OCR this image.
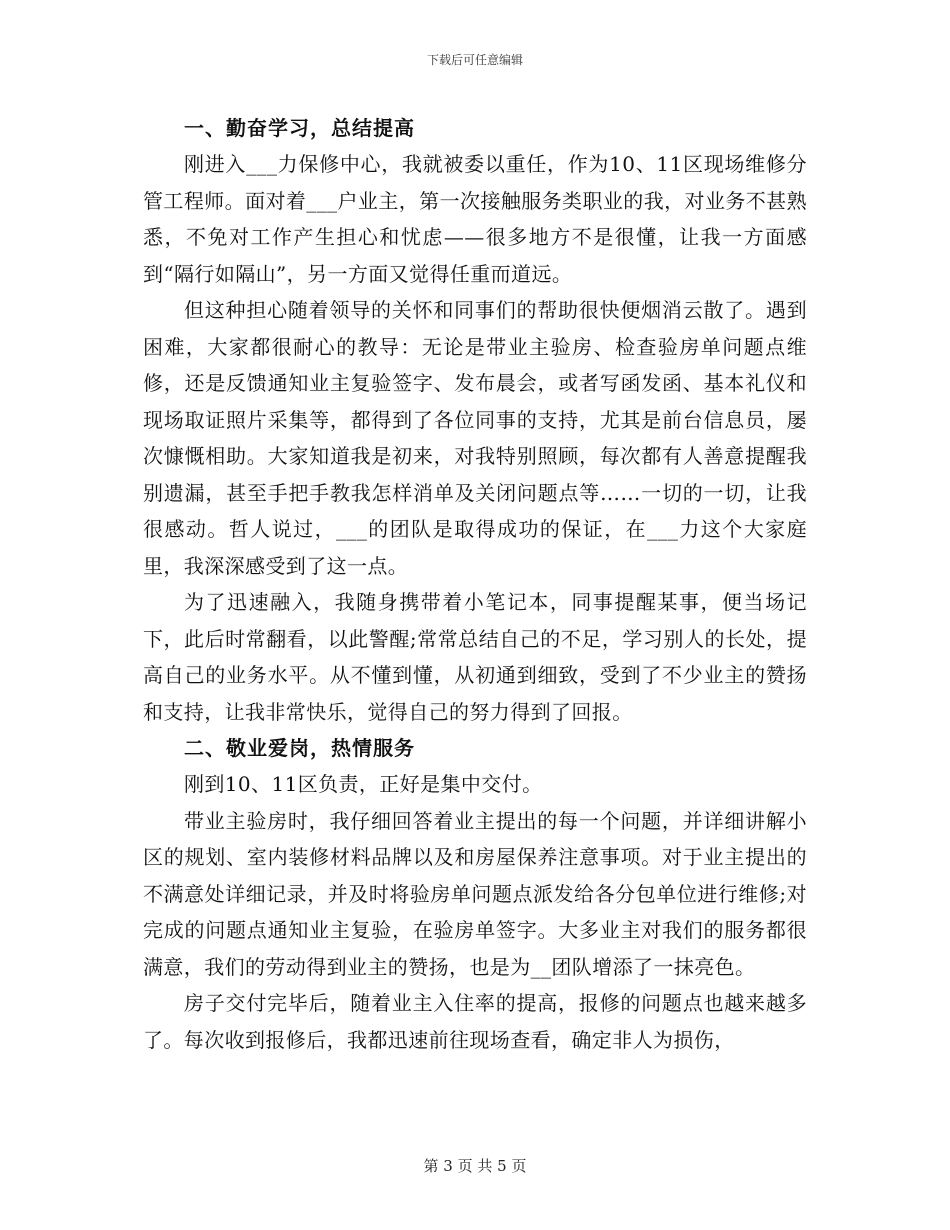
下载后可任意编辑

一、勤奋学习，总结提高

刚进入___力保修中心，我就被委以重任，作为10、11区现场维修分管工程师。面对着___户业主，第一次接触服务类职业的我，对业务不甚熟悉，不免对工作产生担心和忧虑——很多地方不是很懂，让我一方面感到“隔行如隔山”，另一方面又觉得任重而道远。

但这种担心随着领导的关怀和同事们的帮助很快便烟消云散了。遇到困难，大家都很耐心的教导：无论是带业主验房、检查验房单问题点维修，还是反馈通知业主复验签字、发布晨会，或者写函发函、基本礼仪和现场取证照片采集等，都得到了各位同事的支持，尤其是前台信息员，屡次慷慨相助。大家知道我是初来，对我特别照顾，每次都有人善意提醒我别遗漏，甚至手把手教我怎样消单及关闭问题点等……一切的一切，让我很感动。哲人说过，___的团队是取得成功的保证，在___力这个大家庭里，我深深感受到了这一点。

为了迅速融入，我随身携带着小笔记本，同事提醒某事，便当场记下，此后时常翻看，以此警醒;常常总结自己的不足，学习别人的长处，提高自己的业务水平。从不懂到懂，从初通到细致，受到了不少业主的赞扬和支持，让我非常快乐，觉得自己的努力得到了回报。

二、敬业爱岗，热情服务

刚到10、11区负责，正好是集中交付。

带业主验房时，我仔细回答着业主提出的每一个问题，并详细讲解小区的规划、室内装修材料品牌以及和房屋保养注意事项。对于业主提出的不满意处详细记录，并及时将验房单问题点派发给各分包单位进行维修;对完成的问题点通知业主复验，在验房单签字。大多业主对我们的服务都很满意，我们的劳动得到业主的赞扬，也是为__团队增添了一抹亮色。

房子交付完毕后，随着业主入住率的提高，报修的问题点也越来越多了。每次收到报修后，我都迅速前往现场查看，确定非人为损伤，

第 3 页 共 5 页
